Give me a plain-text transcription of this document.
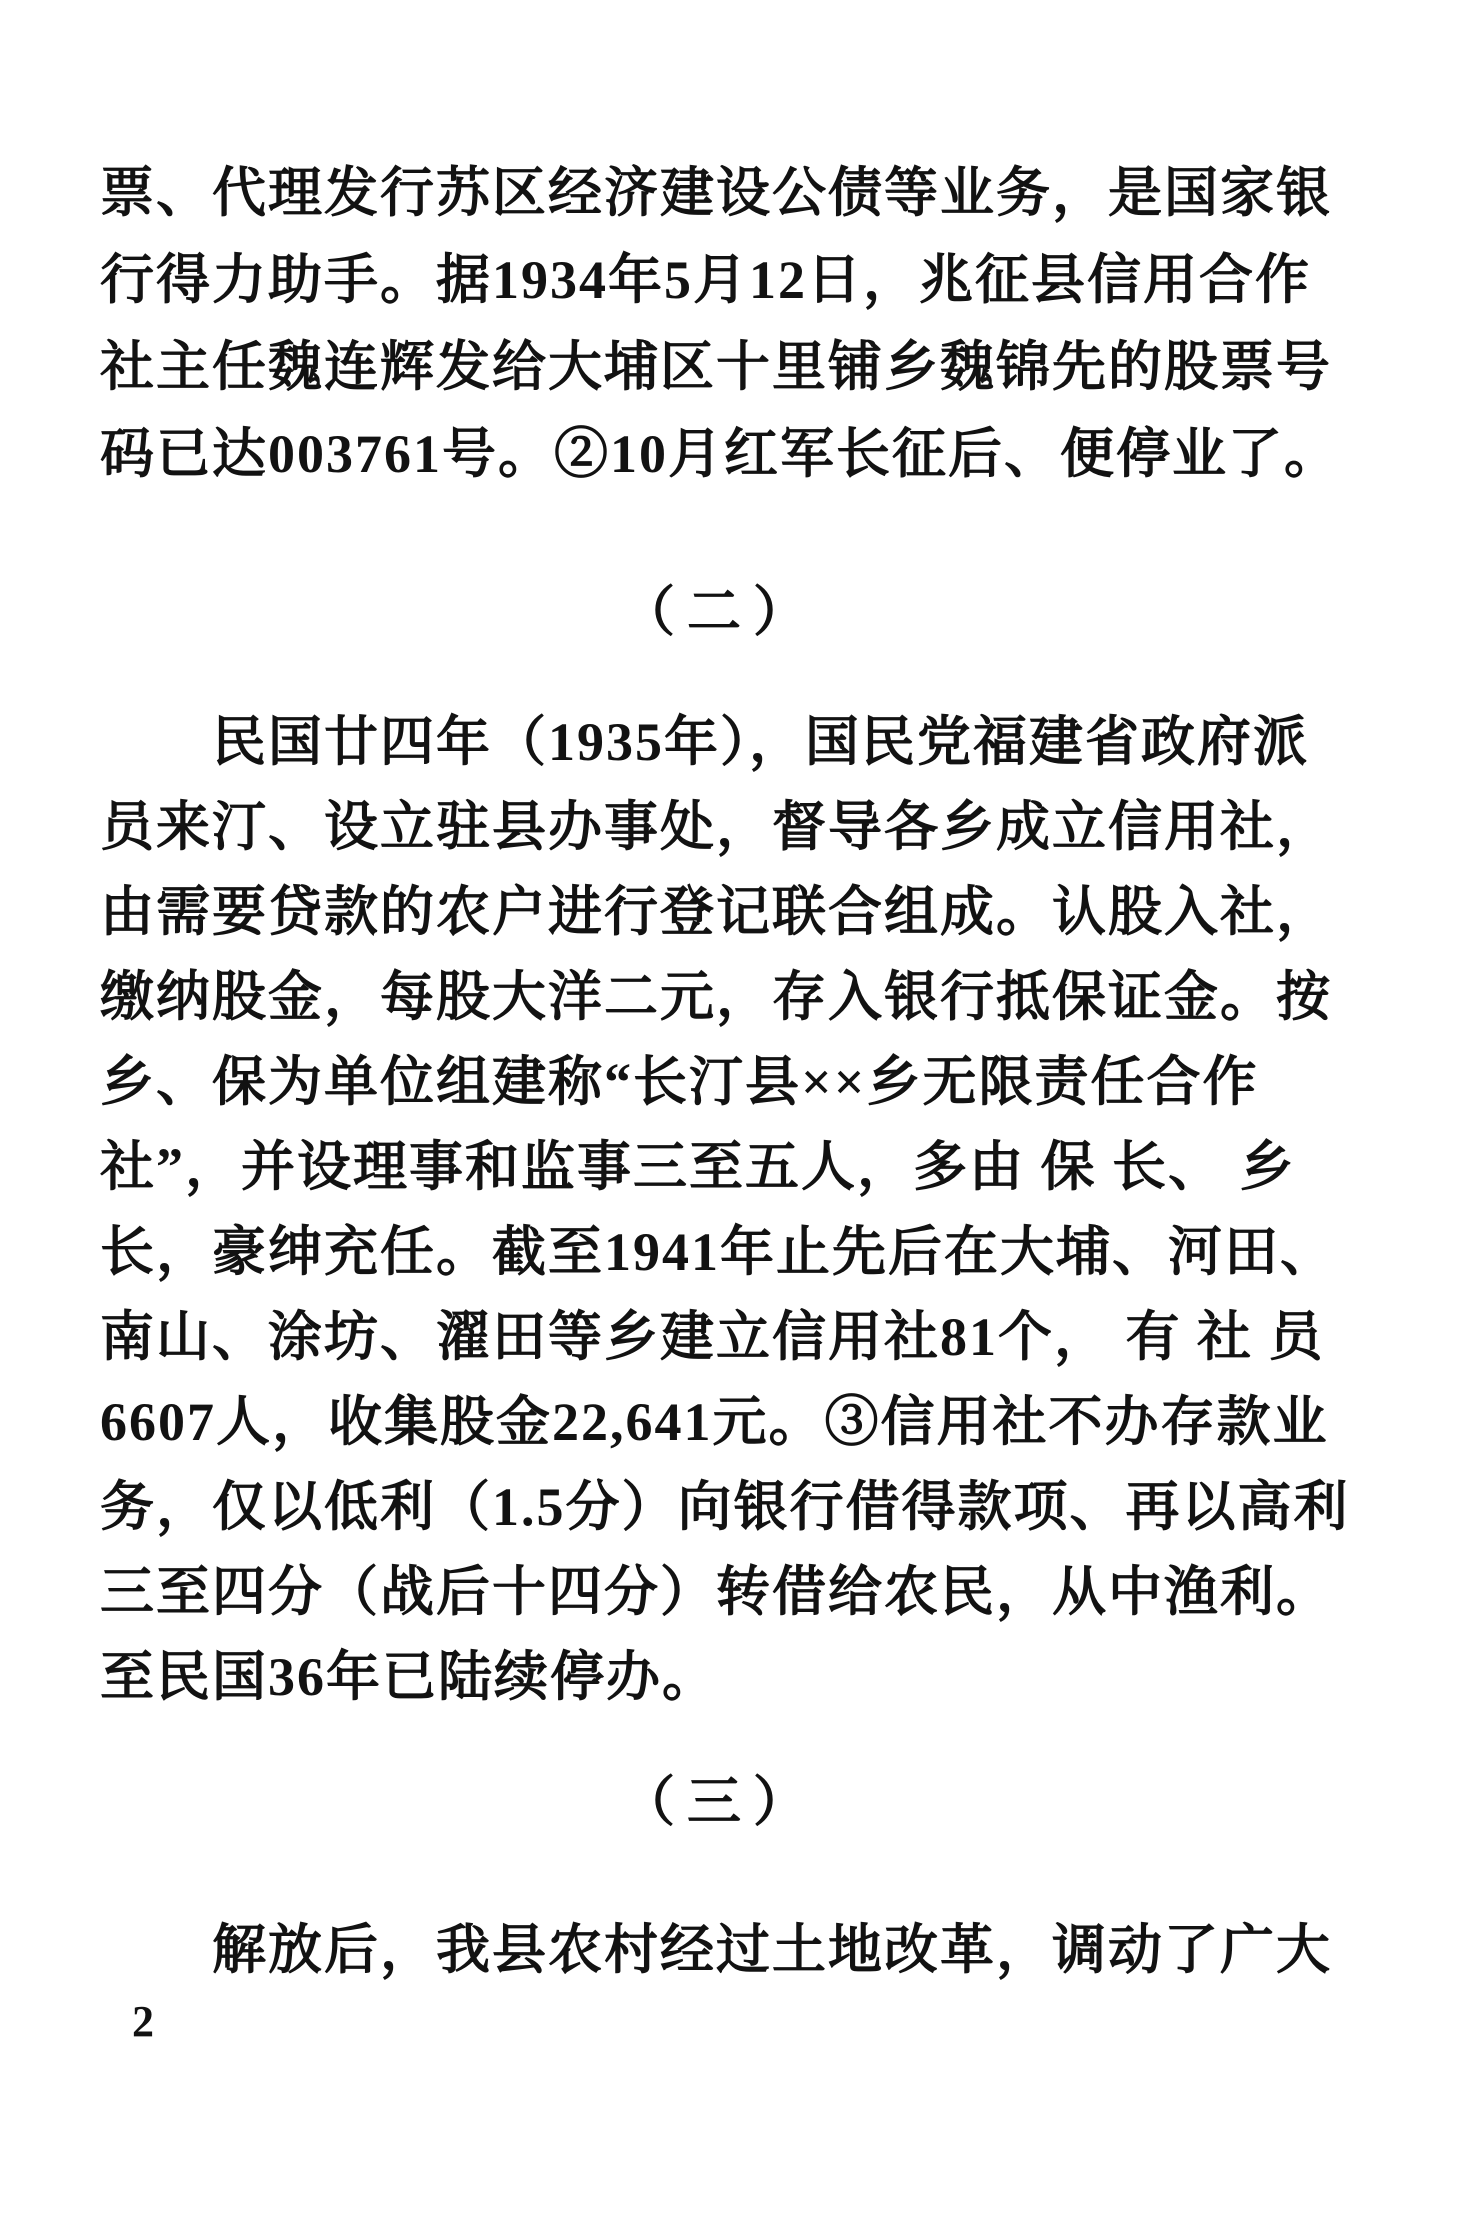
票、代理发行苏区经济建设公债等业务，是国家银
行得力助手。据1934年5月12日，兆征县信用合作
社主任魏连辉发给大埔区十里铺乡魏锦先的股票号
码已达003761号。②10月红军长征后、便停业了。
（二）
民国廿四年（1935年），国民党福建省政府派
员来汀、设立驻县办事处，督导各乡成立信用社，
由需要贷款的农户进行登记联合组成。认股入社，
缴纳股金，每股大洋二元，存入银行抵保证金。按
乡、保为单位组建称“长汀县××乡无限责任合作
社”，并设理事和监事三至五人，多由 保 长、 乡
长，豪绅充任。截至1941年止先后在大埔、河田、
南山、涂坊、濯田等乡建立信用社81个， 有 社 员
6607人，收集股金22,641元。③信用社不办存款业
务，仅以低利（1.5分）向银行借得款项、再以高利
三至四分（战后十四分）转借给农民，从中渔利。
至民国36年已陆续停办。
（三）
解放后，我县农村经过土地改革，调动了广大
2
